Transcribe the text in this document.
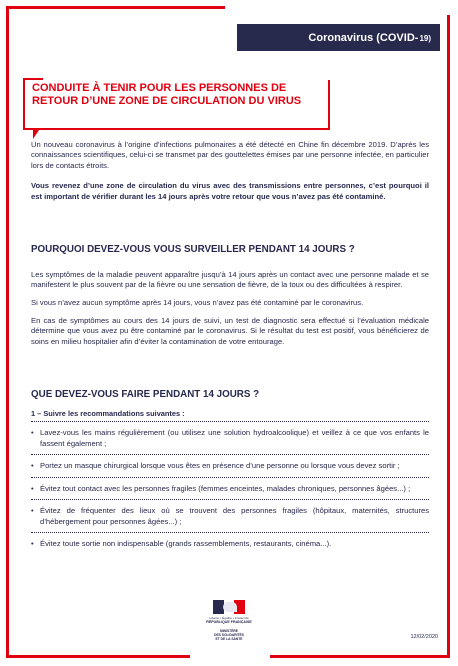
Coronavirus (COVID- 19)
CONDUITE À TENIR POUR LES PERSONNES DE RETOUR D’UNE ZONE DE CIRCULATION DU VIRUS

Un nouveau coronavirus à l’origine d’infections pulmonaires a été détecté en Chine fin décembre 2019. D’après les connaissances scientifiques, celui-ci se transmet par des gouttelettes émises par une personne infectée, en particulier lors de contacts étroits.

Vous revenez d’une zone de circulation du virus avec des transmissions entre personnes, c’est pourquoi il est important de vérifier durant les 14 jours après votre retour que vous n’avez pas été contaminé.

POURQUOI DEVEZ-VOUS VOUS SURVEILLER PENDANT 14 JOURS ?

Les symptômes de la maladie peuvent apparaître jusqu’à 14 jours après un contact avec une personne malade et se manifestent le plus souvent par de la fièvre ou une sensation de fièvre, de la toux ou des difficultées à respirer.

Si vous n’avez aucun symptôme après 14 jours, vous n’avez pas été contaminé par le coronavirus.

En cas de symptômes au cours des 14 jours de suivi, un test de diagnostic sera effectué si l’évaluation médicale détermine que vous avez pu être contaminé par le coronavirus. Si le résultat du test est positif, vous bénéficierez de soins en milieu hospitalier afin d’éviter la contamination de votre entourage.

QUE DEVEZ-VOUS FAIRE PENDANT 14 JOURS ?
1 – Suivre les recommandations suivantes :
• Lavez-vous les mains régulièrement (ou utilisez une solution hydroalcoolique) et veillez à ce que vos enfants le fassent également ;
• Portez un masque chirurgical lorsque vous êtes en présence d’une personne ou lorsque vous devez sortir ;
• Évitez tout contact avec les personnes fragiles (femmes enceintes, malades chroniques, personnes âgées...) ;
• Évitez de fréquenter des lieux où se trouvent des personnes fragiles (hôpitaux, maternités, structures d’hébergement pour personnes âgées...) ;
• Évitez toute sortie non indispensable (grands rassemblements, restaurants, cinéma...).
Liberté • Égalité • Fraternité
RÉPUBLIQUE FRANÇAISE
MINISTÈRE
DES SOLIDARITÉS
ET DE LA SANTÉ	12/02/2020
